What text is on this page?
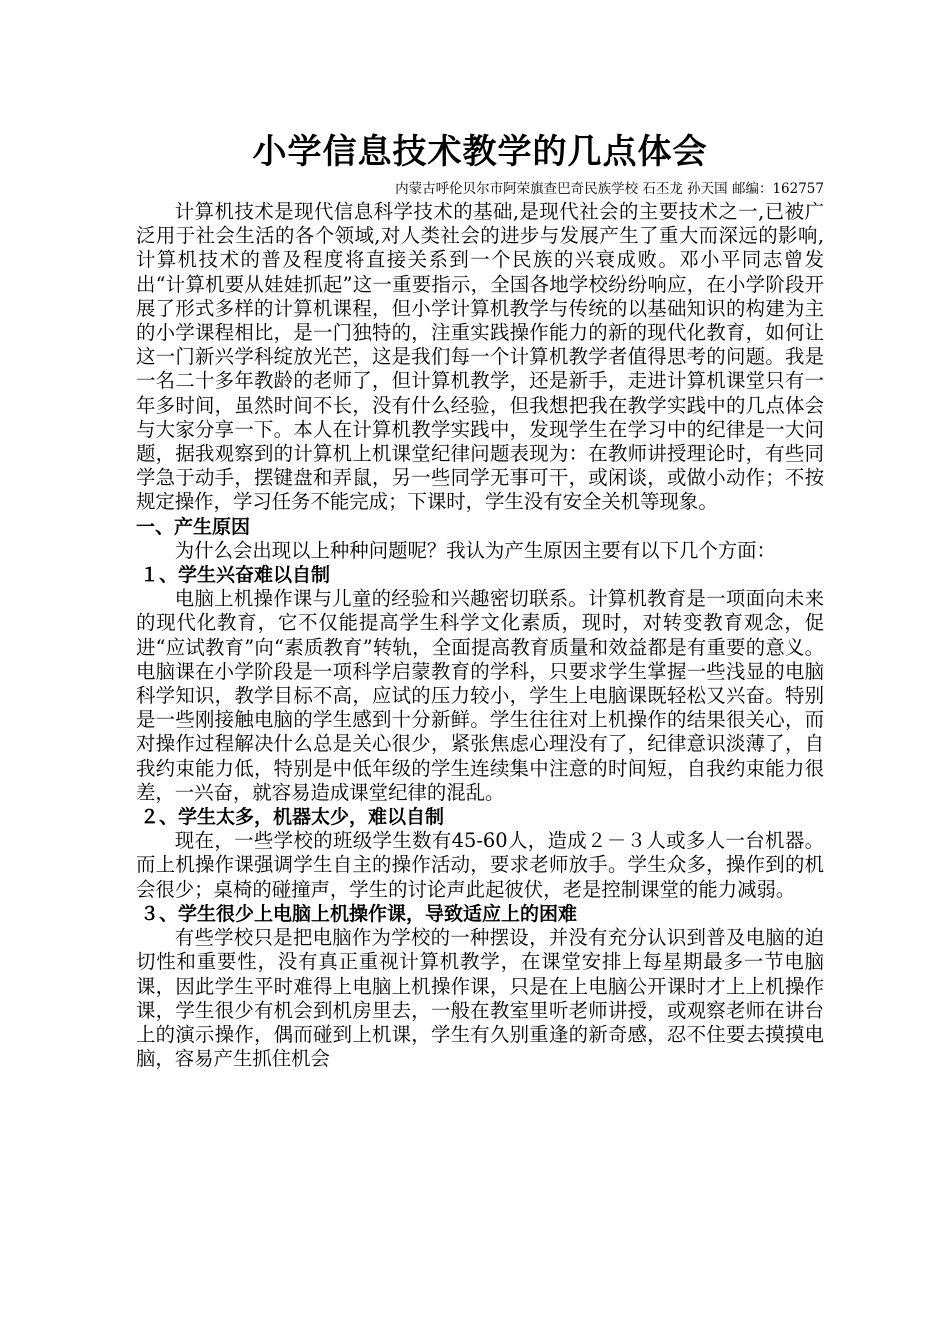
小学信息技术教学的几点体会

内蒙古呼伦贝尔市阿荣旗查巴奇民族学校 石丕龙 孙天国 邮编：162757

计算机技术是现代信息科学技术的基础,是现代社会的主要技术之一,已被广泛用于社会生活的各个领域,对人类社会的进步与发展产生了重大而深远的影响,计算机技术的普及程度将直接关系到一个民族的兴衰成败。邓小平同志曾发出“计算机要从娃娃抓起”这一重要指示，全国各地学校纷纷响应，在小学阶段开展了形式多样的计算机课程，但小学计算机教学与传统的以基础知识的构建为主的小学课程相比，是一门独特的，注重实践操作能力的新的现代化教育，如何让这一门新兴学科绽放光芒，这是我们每一个计算机教学者值得思考的问题。我是一名二十多年教龄的老师了，但计算机教学，还是新手，走进计算机课堂只有一年多时间，虽然时间不长，没有什么经验，但我想把我在教学实践中的几点体会与大家分享一下。本人在计算机教学实践中，发现学生在学习中的纪律是一大问题，据我观察到的计算机上机课堂纪律问题表现为：在教师讲授理论时，有些同学急于动手，摆键盘和弄鼠，另一些同学无事可干，或闲谈，或做小动作；不按规定操作，学习任务不能完成；下课时，学生没有安全关机等现象。

一、产生原因

为什么会出现以上种种问题呢？我认为产生原因主要有以下几个方面：

１、学生兴奋难以自制

电脑上机操作课与儿童的经验和兴趣密切联系。计算机教育是一项面向未来的现代化教育，它不仅能提高学生科学文化素质，现时，对转变教育观念，促进“应试教育”向“素质教育”转轨，全面提高教育质量和效益都是有重要的意义。电脑课在小学阶段是一项科学启蒙教育的学科，只要求学生掌握一些浅显的电脑科学知识，教学目标不高，应试的压力较小，学生上电脑课既轻松又兴奋。特别是一些刚接触电脑的学生感到十分新鲜。学生往往对上机操作的结果很关心，而对操作过程解决什么总是关心很少，紧张焦虑心理没有了，纪律意识淡薄了，自我约束能力低，特别是中低年级的学生连续集中注意的时间短，自我约束能力很差，一兴奋，就容易造成课堂纪律的混乱。

２、学生太多，机器太少，难以自制

现在，一些学校的班级学生数有45-60人，造成２－３人或多人一台机器。而上机操作课强调学生自主的操作活动，要求老师放手。学生众多，操作到的机会很少；桌椅的碰撞声，学生的讨论声此起彼伏，老是控制课堂的能力减弱。

３、学生很少上电脑上机操作课，导致适应上的困难

有些学校只是把电脑作为学校的一种摆设，并没有充分认识到普及电脑的迫切性和重要性，没有真正重视计算机教学，在课堂安排上每星期最多一节电脑课，因此学生平时难得上电脑上机操作课，只是在上电脑公开课时才上上机操作课，学生很少有机会到机房里去，一般在教室里听老师讲授，或观察老师在讲台上的演示操作，偶而碰到上机课，学生有久别重逢的新奇感，忍不住要去摸摸电脑，容易产生抓住机会
